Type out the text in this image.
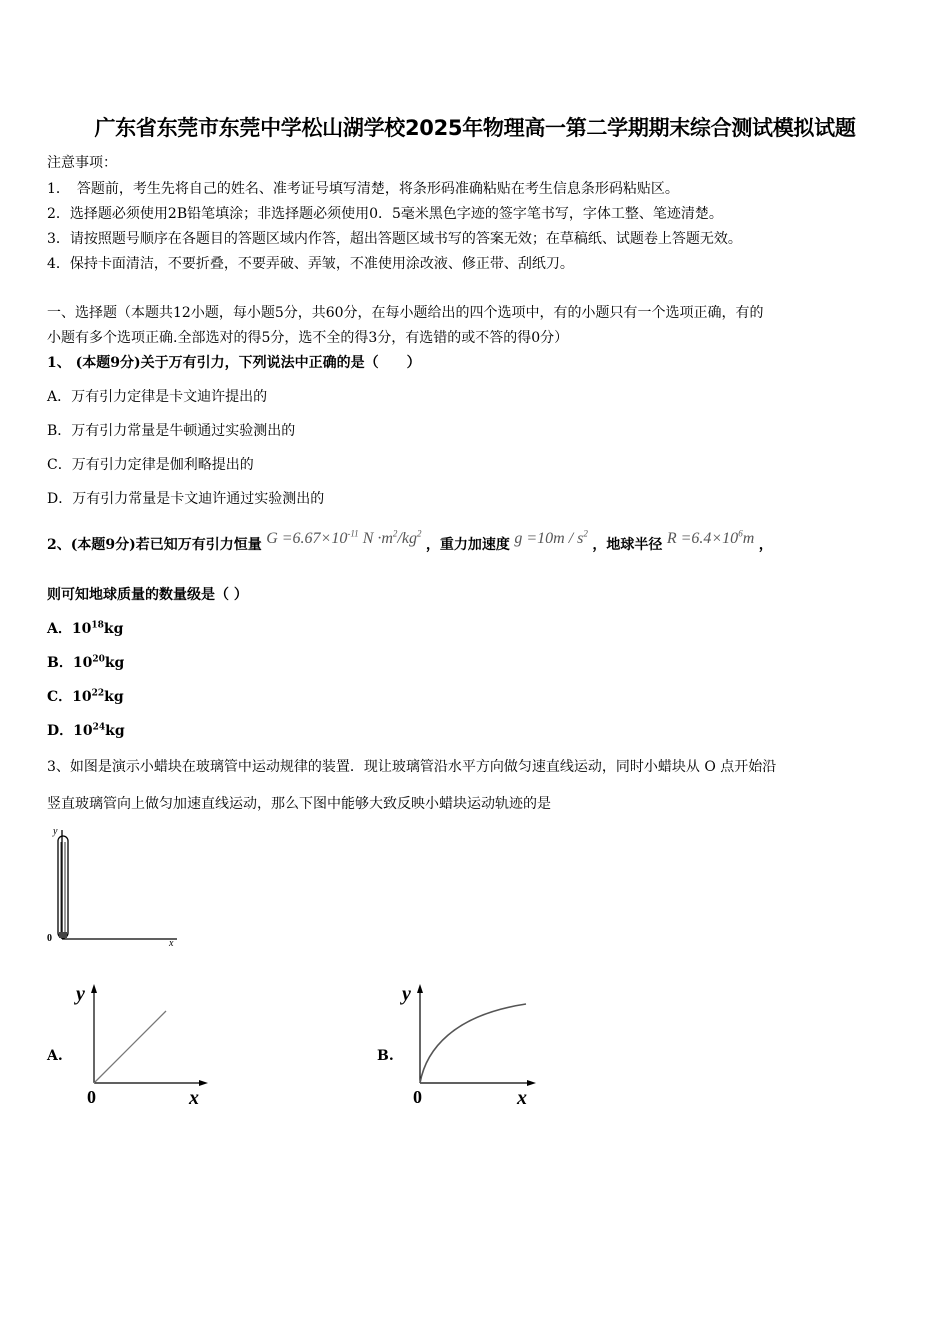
广东省东莞市东莞中学松山湖学校2025年物理高一第二学期期末综合测试模拟试题
注意事项：
1．　答题前，考生先将自己的姓名、准考证号填写清楚，将条形码准确粘贴在考生信息条形码粘贴区。
2．选择题必须使用2B铅笔填涂；非选择题必须使用0．5毫米黑色字迹的签字笔书写，字体工整、笔迹清楚。
3．请按照题号顺序在各题目的答题区域内作答，超出答题区域书写的答案无效；在草稿纸、试题卷上答题无效。
4．保持卡面清洁，不要折叠，不要弄破、弄皱，不准使用涂改液、修正带、刮纸刀。
一、选择题（本题共12小题，每小题5分，共60分，在每小题给出的四个选项中，有的小题只有一个选项正确，有的
小题有多个选项正确.全部选对的得5分，选不全的得3分，有选错的或不答的得0分）
1、 (本题9分)关于万有引力，下列说法中正确的是（　　）
A．万有引力定律是卡文迪许提出的
B．万有引力常量是牛顿通过实验测出的
C．万有引力定律是伽利略提出的
D．万有引力常量是卡文迪许通过实验测出的
2、(本题9分)若已知万有引力恒量 $G =6.67\times 10^{-11}$ $N \cdot m^2/kg^2$ ，重力加速度 $g =10m / s^2$ ，地球半径 $R =6.4\times 10^6m$ ，
则可知地球质量的数量级是（ ）
A．$10^{18}kg$
B．$10^{20}kg$
C．$10^{22}kg$
D．$10^{24}kg$
3、如图是演示小蜡块在玻璃管中运动规律的装置．现让玻璃管沿水平方向做匀速直线运动，同时小蜡块从 O 点开始沿
竖直玻璃管向上做匀加速直线运动，那么下图中能够大致反映小蜡块运动轨迹的是
y
0	x
A.
y
0	x
B.
y
0	x
